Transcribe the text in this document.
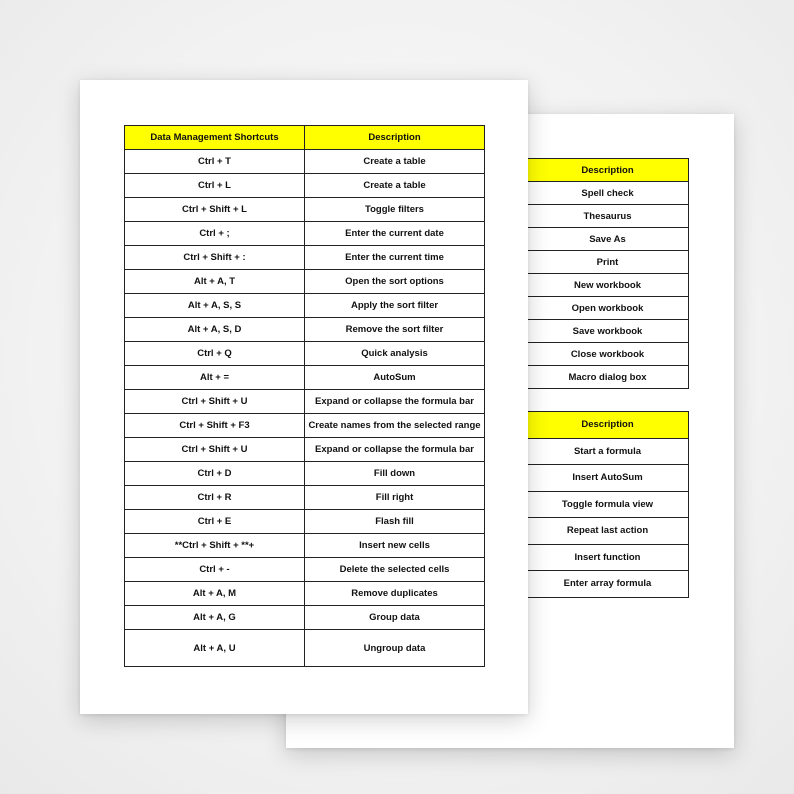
Description
Spell check
Thesaurus
Save As
Print
New workbook
Open workbook
Save workbook
Close workbook
Macro dialog box
Description
Start a formula
Insert AutoSum
Toggle formula view
Repeat last action
Insert function
Enter array formula
Data Management Shortcuts	Description
Ctrl + T	Create a table
Ctrl + L	Create a table
Ctrl + Shift + L	Toggle filters
Ctrl + ;	Enter the current date
Ctrl + Shift + :	Enter the current time
Alt + A, T	Open the sort options
Alt + A, S, S	Apply the sort filter
Alt + A, S, D	Remove the sort filter
Ctrl + Q	Quick analysis
Alt + =	AutoSum
Ctrl + Shift + U	Expand or collapse the formula bar
Ctrl + Shift + F3	Create names from the selected range
Ctrl + Shift + U	Expand or collapse the formula bar
Ctrl + D	Fill down
Ctrl + R	Fill right
Ctrl + E	Flash fill
**Ctrl + Shift + **+	Insert new cells
Ctrl + -	Delete the selected cells
Alt + A, M	Remove duplicates
Alt + A, G	Group data
Alt + A, U	Ungroup data
